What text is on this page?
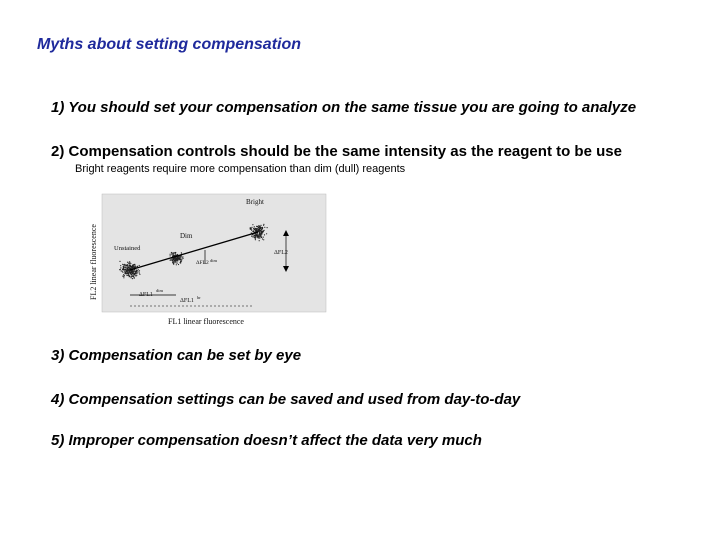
Myths about setting compensation
1) You should set your compensation on the same tissue you are going to analyze
2) Compensation controls should be the same intensity as the reagent to be use
Bright reagents require more compensation than dim (dull) reagents
Bright
Dim
Unstained
ΔFL2
ΔFL2 dim
ΔFL1
dim
ΔFL1
br
FL1 linear fluorescence
FL2 linear fluorescence
3) Compensation can be set by eye
4) Compensation settings can be saved and used from day-to-day
5) Improper compensation doesn’t affect the data very much
